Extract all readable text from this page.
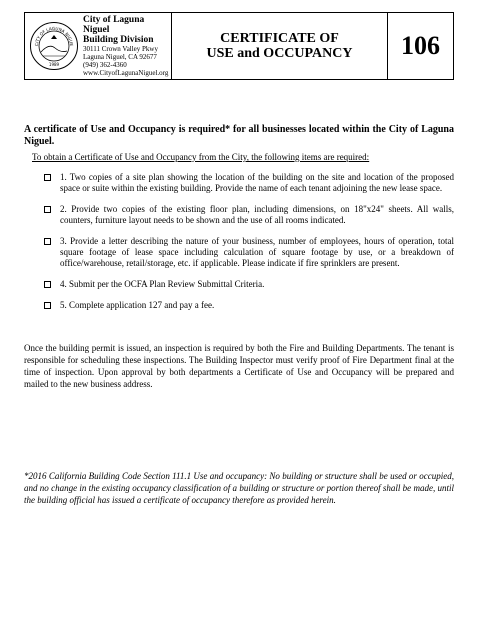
CITY OF LAGUNA NIGUE
1989
City of Laguna Niguel
Building Division
30111 Crown Valley Pkwy
Laguna Niguel, CA 92677
(949) 362-4360
www.CityofLagunaNiguel.org
CERTIFICATE OF
USE and OCCUPANCY	106
A certificate of Use and Occupancy is required* for all businesses located within the City of Laguna Niguel.
To obtain a Certificate of Use and Occupancy from the City, the following items are required:
1. Two copies of a site plan showing the location of the building on the site and location of the proposed space or suite within the existing building. Provide the name of each tenant adjoining the new lease space.
2. Provide two copies of the existing floor plan, including dimensions, on 18"x24" sheets. All walls, counters, furniture layout needs to be shown and the use of all rooms indicated.
3. Provide a letter describing the nature of your business, number of employees, hours of operation, total square footage of lease space including calculation of square footage by use, or a breakdown of office/warehouse, retail/storage, etc. if applicable. Please indicate if fire sprinklers are present.
4. Submit per the OCFA Plan Review Submittal Criteria.
5. Complete application 127 and pay a fee.
Once the building permit is issued, an inspection is required by both the Fire and Building Departments. The tenant is responsible for scheduling these inspections. The Building Inspector must verify proof of Fire Department final at the time of inspection. Upon approval by both departments a Certificate of Use and Occupancy will be prepared and mailed to the new business address.
*2016 California Building Code Section 111.1 Use and occupancy: No building or structure shall be used or occupied, and no change in the existing occupancy classification of a building or structure or portion thereof shall be made, until the building official has issued a certificate of occupancy therefore as provided herein.
